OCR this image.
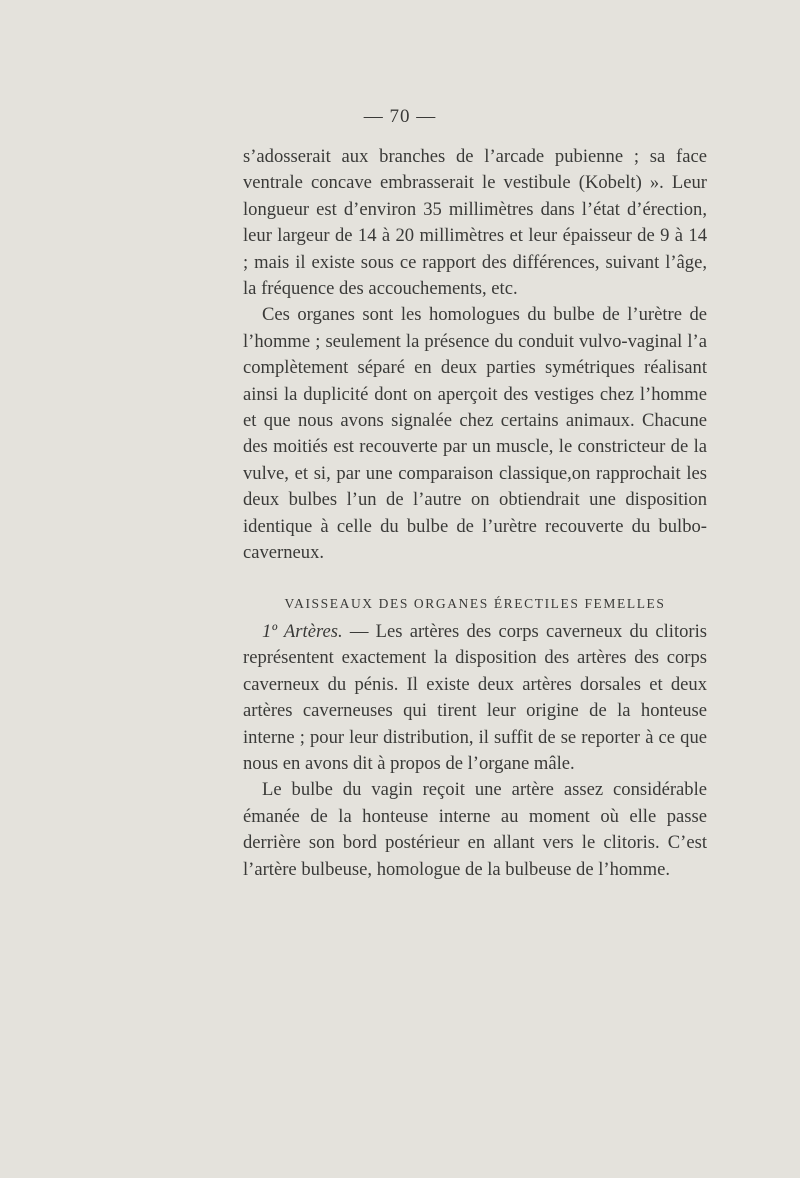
— 70 —

s’adosserait aux branches de l’arcade pubienne ; sa face ventrale concave embrasserait le vestibule (Kobelt) ». Leur longueur est d’environ 35 millimètres dans l’état d’érection, leur largeur de 14 à 20 millimètres et leur épaisseur de 9 à 14 ; mais il existe sous ce rapport des différences, suivant l’âge, la fréquence des accouchements, etc.

Ces organes sont les homologues du bulbe de l’urètre de l’homme ; seulement la présence du conduit vulvo-vaginal l’a complètement séparé en deux parties symétriques réalisant ainsi la duplicité dont on aperçoit des vestiges chez l’homme et que nous avons signalée chez certains animaux. Chacune des moitiés est recouverte par un muscle, le constricteur de la vulve, et si, par une comparaison classique,on rapprochait les deux bulbes l’un de l’autre on obtiendrait une disposition identique à celle du bulbe de l’urètre recouverte du bulbo-caverneux.

VAISSEAUX DES ORGANES ÉRECTILES FEMELLES

1º Artères. — Les artères des corps caverneux du clitoris représentent exactement la disposition des artères des corps caverneux du pénis. Il existe deux artères dorsales et deux artères caverneuses qui tirent leur origine de la honteuse interne ; pour leur distribution, il suffit de se reporter à ce que nous en avons dit à propos de l’organe mâle.

Le bulbe du vagin reçoit une artère assez considérable émanée de la honteuse interne au moment où elle passe derrière son bord postérieur en allant vers le clitoris. C’est l’artère bulbeuse, homologue de la bulbeuse de l’homme.
